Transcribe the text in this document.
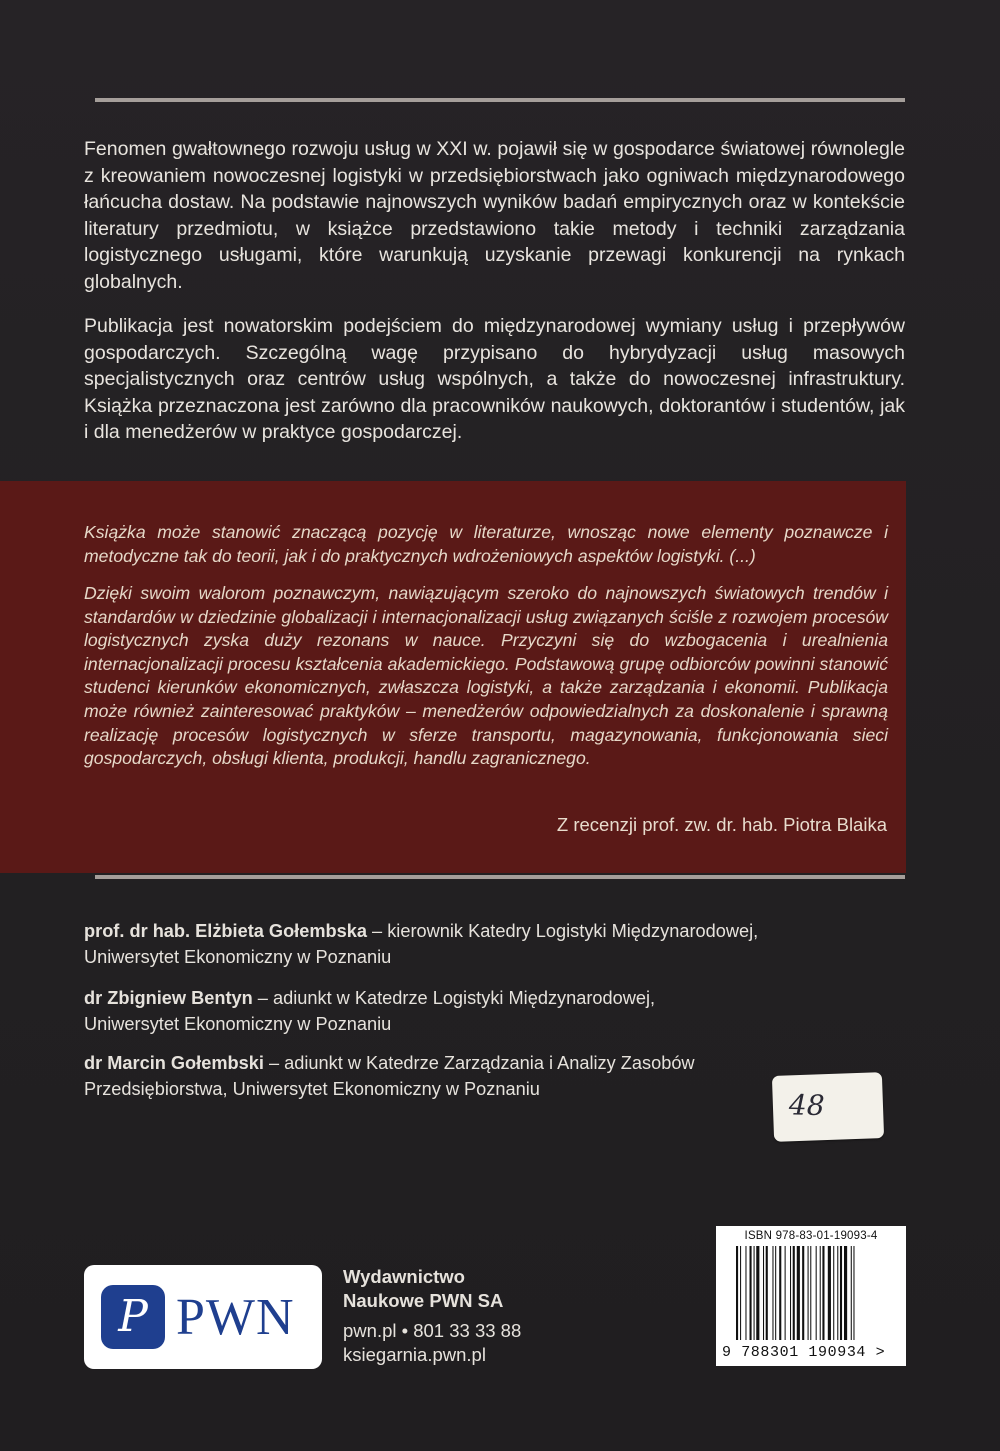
Fenomen gwałtownego rozwoju usług w XXI w. pojawił się w gospodarce światowej równolegle z kreowaniem nowoczesnej logistyki w przedsiębiorstwach jako ogniwach międzynarodowego łańcucha dostaw. Na podstawie najnowszych wyników badań empirycznych oraz w kontekście literatury przedmiotu, w książce przedstawiono takie metody i techniki zarządzania logistycznego usługami, które warunkują uzyskanie przewagi konkurencji na rynkach globalnych.

Publikacja jest nowatorskim podejściem do międzynarodowej wymiany usług i przepływów gospodarczych. Szczególną wagę przypisano do hybrydyzacji usług masowych specjalistycznych oraz centrów usług wspólnych, a także do nowoczesnej infrastruktury. Książka przeznaczona jest zarówno dla pracowników naukowych, doktorantów i studentów, jak i dla menedżerów w praktyce gospodarczej.

Książka może stanowić znaczącą pozycję w literaturze, wnosząc nowe elementy poznawcze i metodyczne tak do teorii, jak i do praktycznych wdrożeniowych aspektów logistyki. (...)

Dzięki swoim walorom poznawczym, nawiązującym szeroko do najnowszych światowych trendów i standardów w dziedzinie globalizacji i internacjonalizacji usług związanych ściśle z rozwojem procesów logistycznych zyska duży rezonans w nauce. Przyczyni się do wzbogacenia i urealnienia internacjonalizacji procesu kształcenia akademickiego. Podstawową grupę odbiorców powinni stanowić studenci kierunków ekonomicznych, zwłaszcza logistyki, a także zarządzania i ekonomii. Publikacja może również zainteresować praktyków – menedżerów odpowiedzialnych za doskonalenie i sprawną realizację procesów logistycznych w sferze transportu, magazynowania, funkcjonowania sieci gospodarczych, obsługi klienta, produkcji, handlu zagranicznego.

Z recenzji prof. zw. dr. hab. Piotra Blaika

prof. dr hab. Elżbieta Gołembska – kierownik Katedry Logistyki Międzynarodowej,
Uniwersytet Ekonomiczny w Poznaniu

dr Zbigniew Bentyn – adiunkt w Katedrze Logistyki Międzynarodowej,
Uniwersytet Ekonomiczny w Poznaniu

dr Marcin Gołembski – adiunkt w Katedrze Zarządzania i Analizy Zasobów
Przedsiębiorstwa, Uniwersytet Ekonomiczny w Poznaniu	48
P PWN
Wydawnictwo
Naukowe PWN SA
pwn.pl • 801 33 33 88
ksiegarnia.pwn.pl
ISBN 978-83-01-19093-4
9 788301 190934 >
